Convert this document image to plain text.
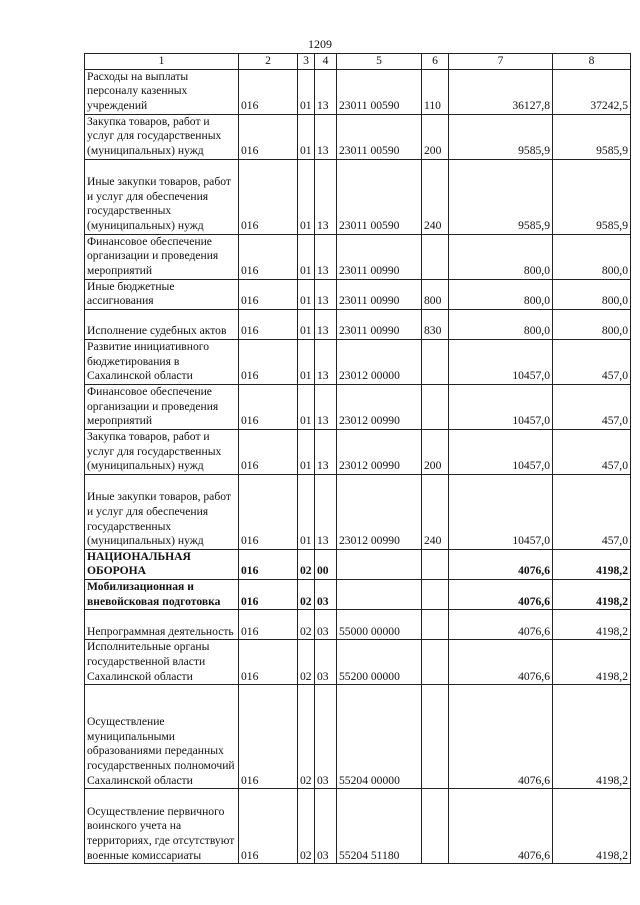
1209
1	2	3	4	5	6	7	8
Расходы на выплаты персоналу казенных учреждений	016	01	13	23011 00590	110	36127,8	37242,5
Закупка товаров, работ и услуг для государственных (муниципальных) нужд	016	01	13	23011 00590	200	9585,9	9585,9
Иные закупки товаров, работ и услуг для обеспечения государственных (муниципальных) нужд	016	01	13	23011 00590	240	9585,9	9585,9
Финансовое обеспечение организации и проведения мероприятий	016	01	13	23011 00990		800,0	800,0
Иные бюджетные ассигнования	016	01	13	23011 00990	800	800,0	800,0
Исполнение судебных актов	016	01	13	23011 00990	830	800,0	800,0
Развитие инициативного бюджетирования в Сахалинской области	016	01	13	23012 00000		10457,0	457,0
Финансовое обеспечение организации и проведения мероприятий	016	01	13	23012 00990		10457,0	457,0
Закупка товаров, работ и услуг для государственных (муниципальных) нужд	016	01	13	23012 00990	200	10457,0	457,0
Иные закупки товаров, работ и услуг для обеспечения государственных (муниципальных) нужд	016	01	13	23012 00990	240	10457,0	457,0
НАЦИОНАЛЬНАЯ ОБОРОНА	016	02	00			4076,6	4198,2
Мобилизационная и вневойсковая подготовка	016	02	03			4076,6	4198,2
Непрограммная деятельность	016	02	03	55000 00000		4076,6	4198,2
Исполнительные органы государственной власти Сахалинской области	016	02	03	55200 00000		4076,6	4198,2
Осуществление муниципальными образованиями переданных государственных полномочий Сахалинской области	016	02	03	55204 00000		4076,6	4198,2
Осуществление первичного воинского учета на территориях, где отсутствуют военные комиссариаты	016	02	03	55204 51180		4076,6	4198,2
